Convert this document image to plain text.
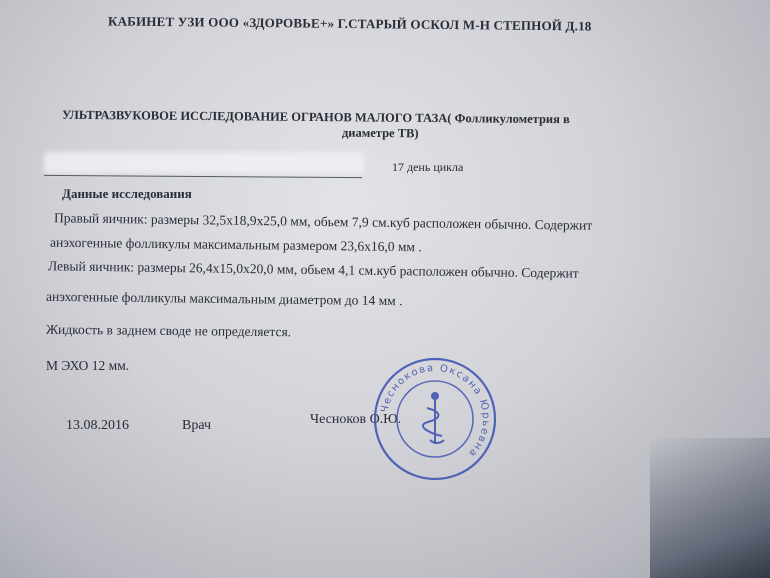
КАБИНЕТ УЗИ ООО «ЗДОРОВЬЕ+» Г.СТАРЫЙ ОСКОЛ М-Н СТЕПНОЙ Д.18
УЛЬТРАЗВУКОВОЕ ИССЛЕДОВАНИЕ ОГРАНОВ МАЛОГО ТАЗА( Фолликулометрия в
диаметре ТВ)
17 день цикла
Данные исследования
Правый яичник: размеры 32,5x18,9x25,0 мм, обьем 7,9 см.куб расположен обычно. Содержит
анэхогенные фолликулы максимальным размером 23,6x16,0 мм .
Левый яичник: размеры 26,4x15,0x20,0 мм, обьем 4,1 см.куб расположен обычно. Содержит
анэхогенные фолликулы максимальным диаметром до 14 мм .
Жидкость в заднем своде не определяется.
М ЭХО 12 мм.
13.08.2016	Врач	Чесноков О.Ю.
Чеснокова Оксана Юрьевна
